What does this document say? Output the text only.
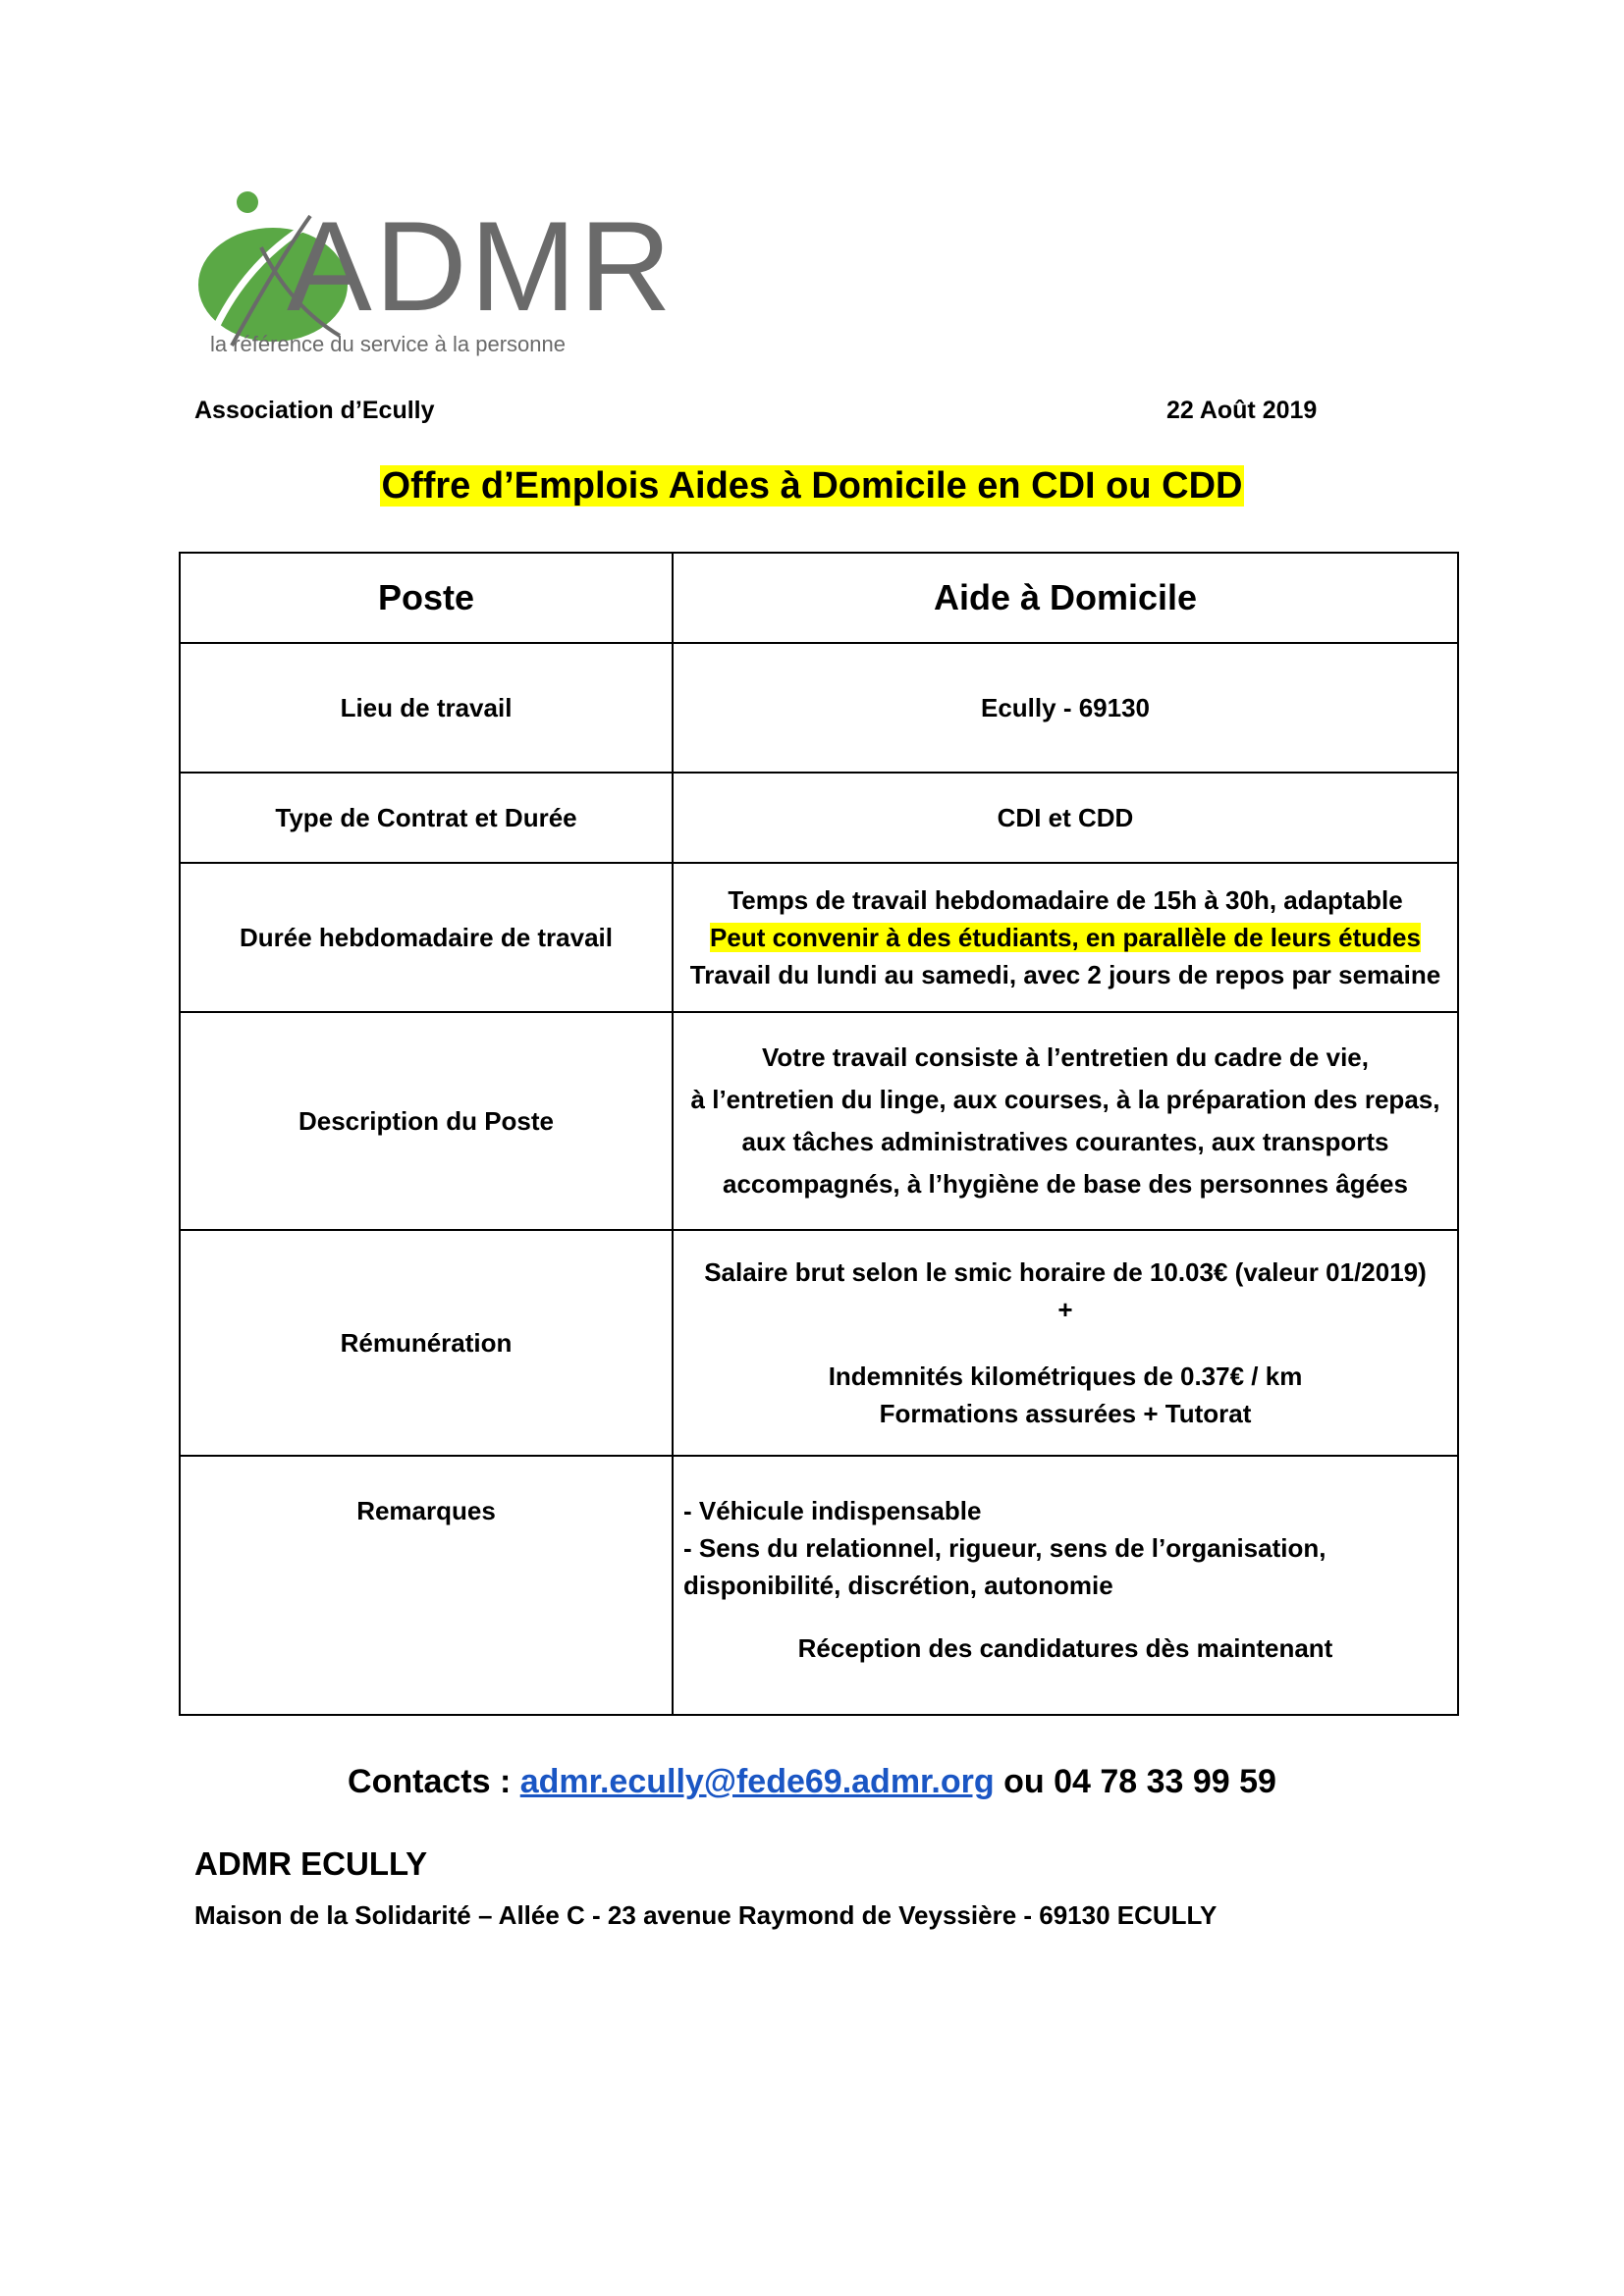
ADMR
la référence du service à la personne
Association d’Ecully	22 Août 2019
Offre d’Emplois Aides à Domicile en CDI ou CDD
Poste	Aide à Domicile
Lieu de travail	Ecully - 69130
Type de Contrat et Durée	CDI et CDD
Durée hebdomadaire de travail	Temps de travail hebdomadaire de 15h à 30h, adaptable
Peut convenir à des étudiants, en parallèle de leurs études
Travail du lundi au samedi, avec 2 jours de repos par semaine

Description du Poste	Votre travail consiste à l’entretien du cadre de vie,
à l’entretien du linge, aux courses, à la préparation des repas,
aux tâches administratives courantes, aux transports
accompagnés, à l’hygiène de base des personnes âgées

Rémunération	Salaire brut selon le smic horaire de 10.03€ (valeur 01/2019)
+
Indemnités kilométriques de 0.37€ / km
Formations assurées + Tutorat

Remarques	- Véhicule indispensable
- Sens du relationnel, rigueur, sens de l’organisation,
disponibilité, discrétion, autonomie
Réception des candidatures dès maintenant
Contacts : admr.ecully@fede69.admr.org ou 04 78 33 99 59
ADMR ECULLY
Maison de la Solidarité – Allée C - 23 avenue Raymond de Veyssière - 69130 ECULLY
